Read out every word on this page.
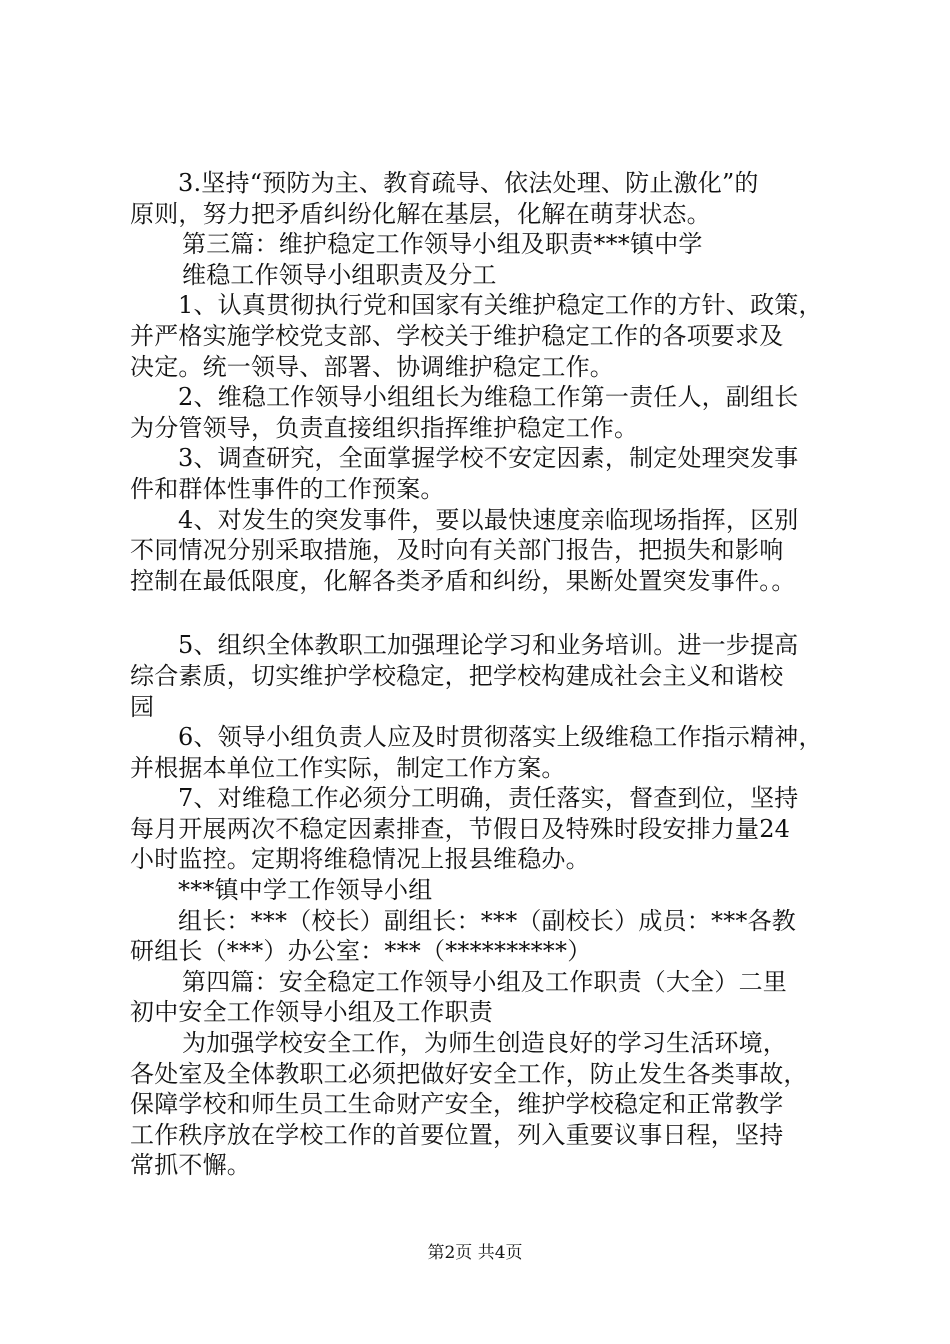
3.坚持“预防为主、教育疏导、依法处理、防止激化”的
原则，努力把矛盾纠纷化解在基层，化解在萌芽状态。
第三篇：维护稳定工作领导小组及职责***镇中学
维稳工作领导小组职责及分工
1、认真贯彻执行党和国家有关维护稳定工作的方针、政策，
并严格实施学校党支部、学校关于维护稳定工作的各项要求及
决定。统一领导、部署、协调维护稳定工作。
2、维稳工作领导小组组长为维稳工作第一责任人，副组长
为分管领导，负责直接组织指挥维护稳定工作。
3、调查研究，全面掌握学校不安定因素，制定处理突发事
件和群体性事件的工作预案。
4、对发生的突发事件，要以最快速度亲临现场指挥，区别
不同情况分别采取措施，及时向有关部门报告，把损失和影响
控制在最低限度，化解各类矛盾和纠纷，果断处置突发事件。。
5、组织全体教职工加强理论学习和业务培训。进一步提高
综合素质，切实维护学校稳定，把学校构建成社会主义和谐校
园
6、领导小组负责人应及时贯彻落实上级维稳工作指示精神，
并根据本单位工作实际，制定工作方案。
7、对维稳工作必须分工明确，责任落实，督查到位，坚持
每月开展两次不稳定因素排查，节假日及特殊时段安排力量24
小时监控。定期将维稳情况上报县维稳办。
***镇中学工作领导小组
组长：***（校长）副组长：***（副校长）成员：***各教
研组长（***）办公室：***（**********）
第四篇：安全稳定工作领导小组及工作职责（大全）二里
初中安全工作领导小组及工作职责
为加强学校安全工作，为师生创造良好的学习生活环境，
各处室及全体教职工必须把做好安全工作，防止发生各类事故，
保障学校和师生员工生命财产安全，维护学校稳定和正常教学
工作秩序放在学校工作的首要位置，列入重要议事日程，坚持
常抓不懈。
第2页 共4页
